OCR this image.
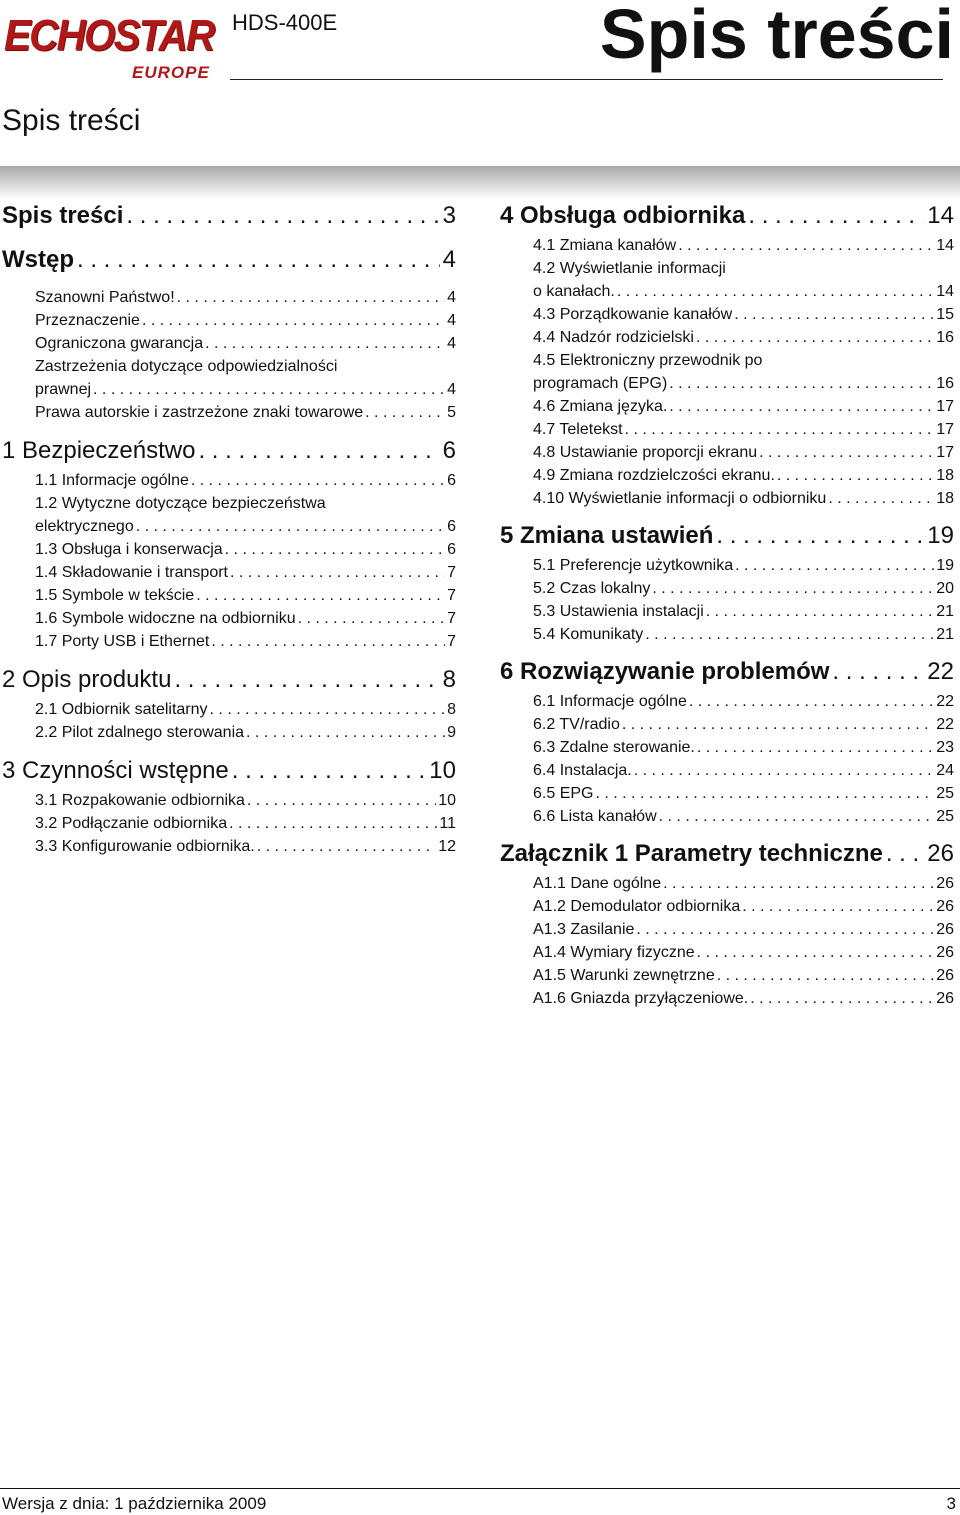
ECHOSTAR
EUROPE
HDS-400E	Spis treści
Spis treści
Spis treści . . .	3
Wstęp . . .	4
Szanowni Państwo! . . .	4
Przeznaczenie . . .	4
Ograniczona gwarancja . . .	4
Zastrzeżenia dotyczące odpowiedzialności
prawnej . . .	4
Prawa autorskie i zastrzeżone znaki towarowe . . .	5
1 Bezpieczeństwo . . .	6
1.1 Informacje ogólne . . .	6
1.2 Wytyczne dotyczące bezpieczeństwa
elektrycznego . . .	6
1.3 Obsługa i konserwacja . . .	6
1.4 Składowanie i transport . . .	7
1.5 Symbole w tekście . . .	7
1.6 Symbole widoczne na odbiorniku . . .	7
1.7 Porty USB i Ethernet . . .	7
2 Opis produktu . . .	8
2.1 Odbiornik satelitarny . . .	8
2.2 Pilot zdalnego sterowania . . .	9
3 Czynności wstępne . . .	10
3.1 Rozpakowanie odbiornika . . .	10
3.2 Podłączanie odbiornika . . .	11
3.3 Konfigurowanie odbiornika. . . .	12
4 Obsługa odbiornika . . .	14
4.1 Zmiana kanałów . . .	14
4.2 Wyświetlanie informacji
o kanałach. . . .	14
4.3 Porządkowanie kanałów . . .	15
4.4 Nadzór rodzicielski . . .	16
4.5 Elektroniczny przewodnik po
programach (EPG) . . .	16
4.6 Zmiana języka. . . .	17
4.7 Teletekst . . .	17
4.8 Ustawianie proporcji ekranu . . .	17
4.9 Zmiana rozdzielczości ekranu. . . .	18
4.10 Wyświetlanie informacji o odbiorniku . . .	18
5 Zmiana ustawień . . .	19
5.1 Preferencje użytkownika . . .	19
5.2 Czas lokalny . . .	20
5.3 Ustawienia instalacji . . .	21
5.4 Komunikaty . . .	21
6 Rozwiązywanie problemów . . .	22
6.1 Informacje ogólne . . .	22
6.2 TV/radio . . .	22
6.3 Zdalne sterowanie. . . .	23
6.4 Instalacja. . . .	24
6.5 EPG . . .	25
6.6 Lista kanałów . . .	25
Załącznik 1 Parametry techniczne . . . 26
A1.1 Dane ogólne . . .	26
A1.2 Demodulator odbiornika . . .	26
A1.3 Zasilanie . . .	26
A1.4 Wymiary fizyczne . . .	26
A1.5 Warunki zewnętrzne . . .	26
A1.6 Gniazda przyłączeniowe. . . .	26
Wersja z dnia: 1 października 2009	3
